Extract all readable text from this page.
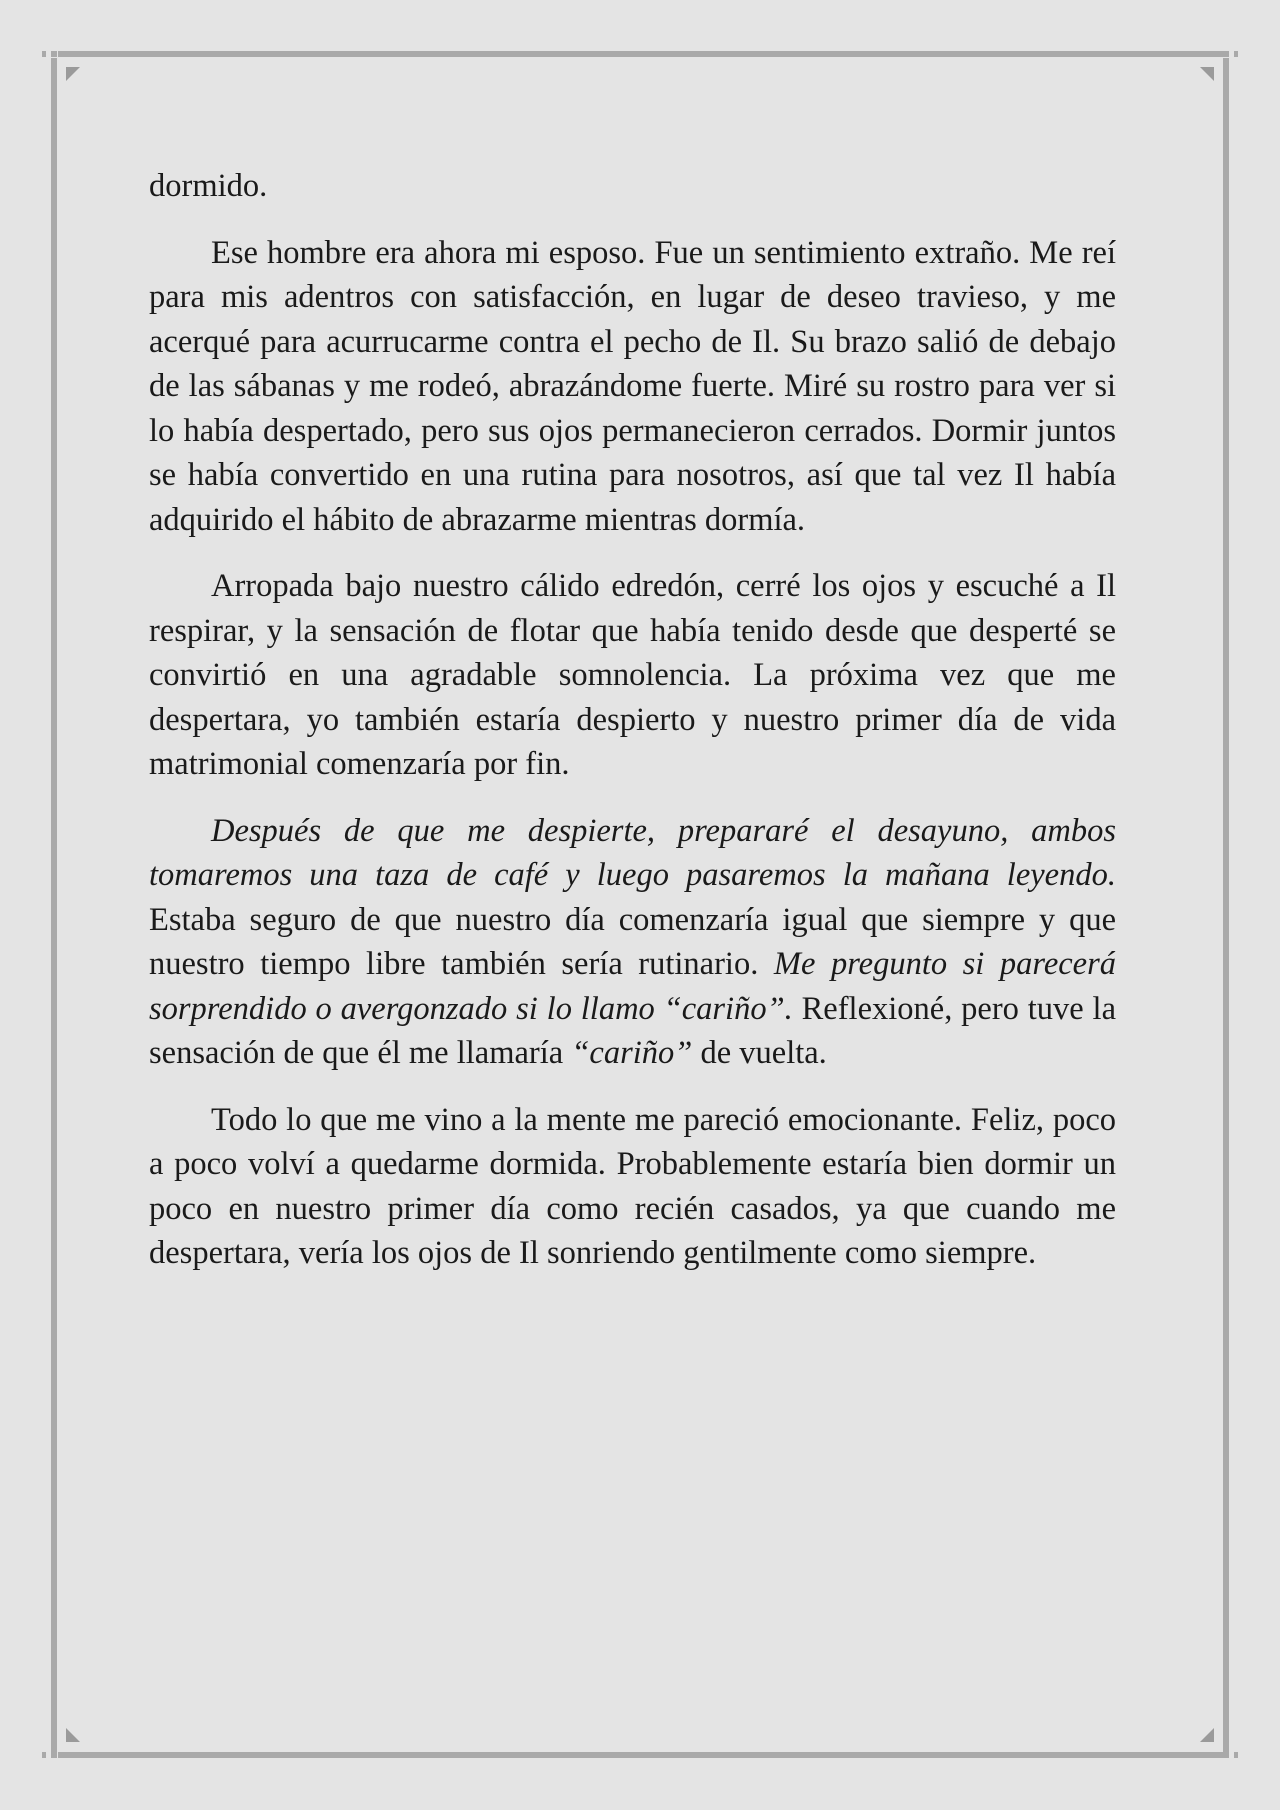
dormido.

Ese hombre era ahora mi esposo. Fue un sentimiento extraño. Me reí para mis adentros con satisfacción, en lugar de deseo travieso, y me acerqué para acurrucarme contra el pecho de Il. Su brazo salió de debajo de las sábanas y me rodeó, abrazándome fuerte. Miré su rostro para ver si lo había despertado, pero sus ojos permanecieron cerrados. Dormir juntos se había convertido en una rutina para nosotros, así que tal vez Il había adquirido el hábito de abrazarme mientras dormía.

Arropada bajo nuestro cálido edredón, cerré los ojos y escuché a Il respirar, y la sensación de flotar que había tenido desde que desperté se convirtió en una agradable somnolencia. La próxima vez que me despertara, yo también estaría despierto y nuestro primer día de vida matrimonial comenzaría por fin.

Después de que me despierte, prepararé el desayuno, ambos tomaremos una taza de café y luego pasaremos la mañana leyendo. Estaba seguro de que nuestro día comenzaría igual que siempre y que nuestro tiempo libre también sería rutinario. Me pregunto si parecerá sorprendido o avergonzado si lo llamo “cariño”. Reflexioné, pero tuve la sensación de que él me llamaría “cariño” de vuelta.

Todo lo que me vino a la mente me pareció emocionante. Feliz, poco a poco volví a quedarme dormida. Probablemente estaría bien dormir un poco en nuestro primer día como recién casados, ya que cuando me despertara, vería los ojos de Il sonriendo gentilmente como siempre.
